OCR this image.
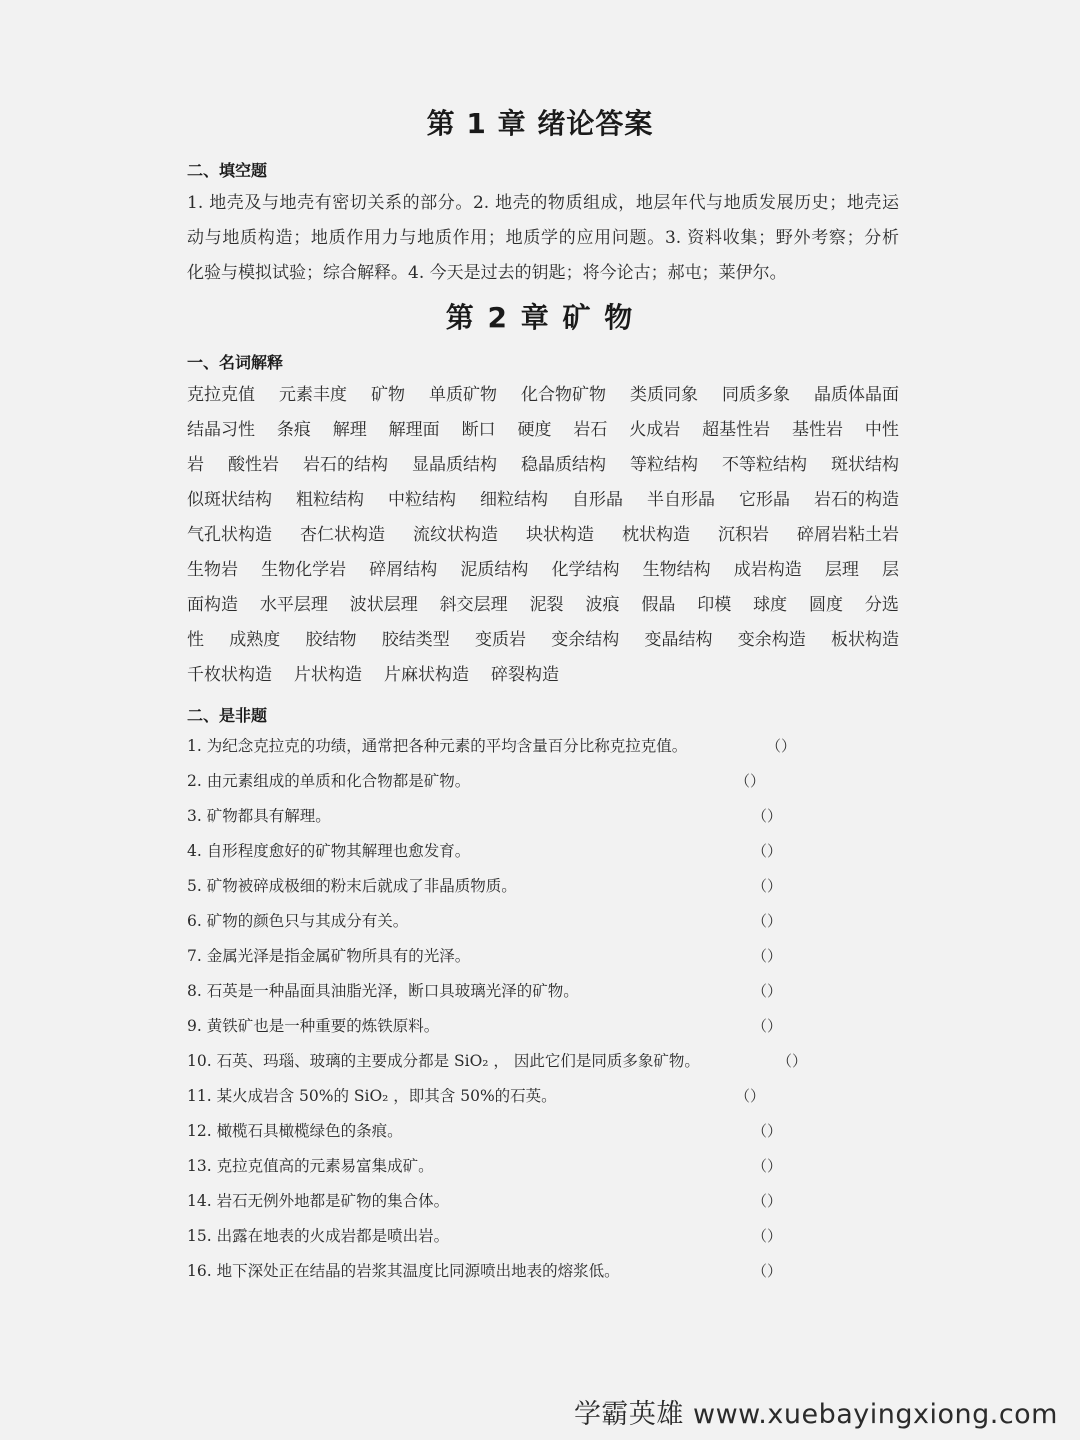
第 1 章 绪论答案
二、填空题
1. 地壳及与地壳有密切关系的部分。2. 地壳的物质组成，地层年代与地质发展历史；地壳运
动与地质构造；地质作用力与地质作用；地质学的应用问题。3. 资料收集；野外考察；分析
化验与模拟试验；综合解释。4. 今天是过去的钥匙；将今论古；郝屯；莱伊尔。
第 2 章 矿 物
一、名词解释
克拉克值 元素丰度 矿物 单质矿物 化合物矿物 类质同象 同质多象 晶质体晶面
结晶习性 条痕 解理 解理面 断口 硬度 岩石 火成岩 超基性岩 基性岩 中性
岩 酸性岩 岩石的结构 显晶质结构 稳晶质结构 等粒结构 不等粒结构 斑状结构
似斑状结构 粗粒结构 中粒结构 细粒结构 自形晶 半自形晶 它形晶 岩石的构造
气孔状构造 杏仁状构造 流纹状构造 块状构造 枕状构造 沉积岩 碎屑岩粘土岩
生物岩 生物化学岩 碎屑结构 泥质结构 化学结构 生物结构 成岩构造 层理 层
面构造 水平层理 波状层理 斜交层理 泥裂 波痕 假晶 印模 球度 圆度 分选
性 成熟度 胶结物 胶结类型 变质岩 变余结构 变晶结构 变余构造 板状构造
千枚状构造 片状构造 片麻状构造 碎裂构造
二、是非题
1. 为纪念克拉克的功绩，通常把各种元素的平均含量百分比称克拉克值。	（）
2. 由元素组成的单质和化合物都是矿物。	（）
3. 矿物都具有解理。	（）
4. 自形程度愈好的矿物其解理也愈发育。	（）
5. 矿物被碎成极细的粉末后就成了非晶质物质。	（）
6. 矿物的颜色只与其成分有关。	（）
7. 金属光泽是指金属矿物所具有的光泽。	（）
8. 石英是一种晶面具油脂光泽，断口具玻璃光泽的矿物。	（）
9. 黄铁矿也是一种重要的炼铁原料。	（）
10. 石英、玛瑙、玻璃的主要成分都是 SiO₂ ， 因此它们是同质多象矿物。	（）
11. 某火成岩含 50%的 SiO₂ ，即其含 50%的石英。	（）
12. 橄榄石具橄榄绿色的条痕。	（）
13. 克拉克值高的元素易富集成矿。	（）
14. 岩石无例外地都是矿物的集合体。	（）
15. 出露在地表的火成岩都是喷出岩。	（）
16. 地下深处正在结晶的岩浆其温度比同源喷出地表的熔浆低。	（）
学霸英雄 www.xuebayingxiong.com
